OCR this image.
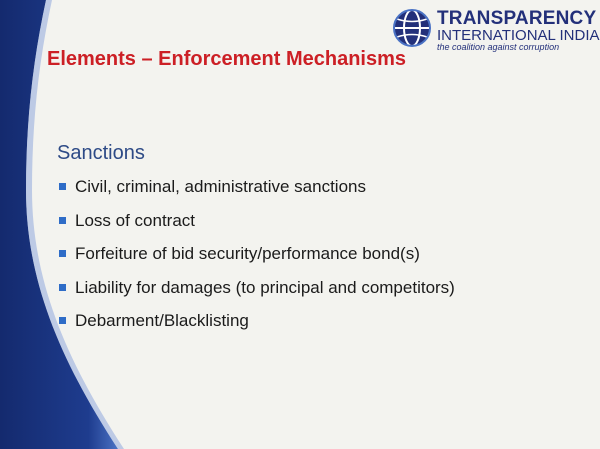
Elements – Enforcement Mechanisms
TRANSPARENCY
INTERNATIONAL INDIA
the coalition against corruption
Sanctions
Civil, criminal, administrative sanctions
Loss of contract
Forfeiture of bid security/performance bond(s)
Liability for damages (to principal and competitors)
Debarment/Blacklisting
